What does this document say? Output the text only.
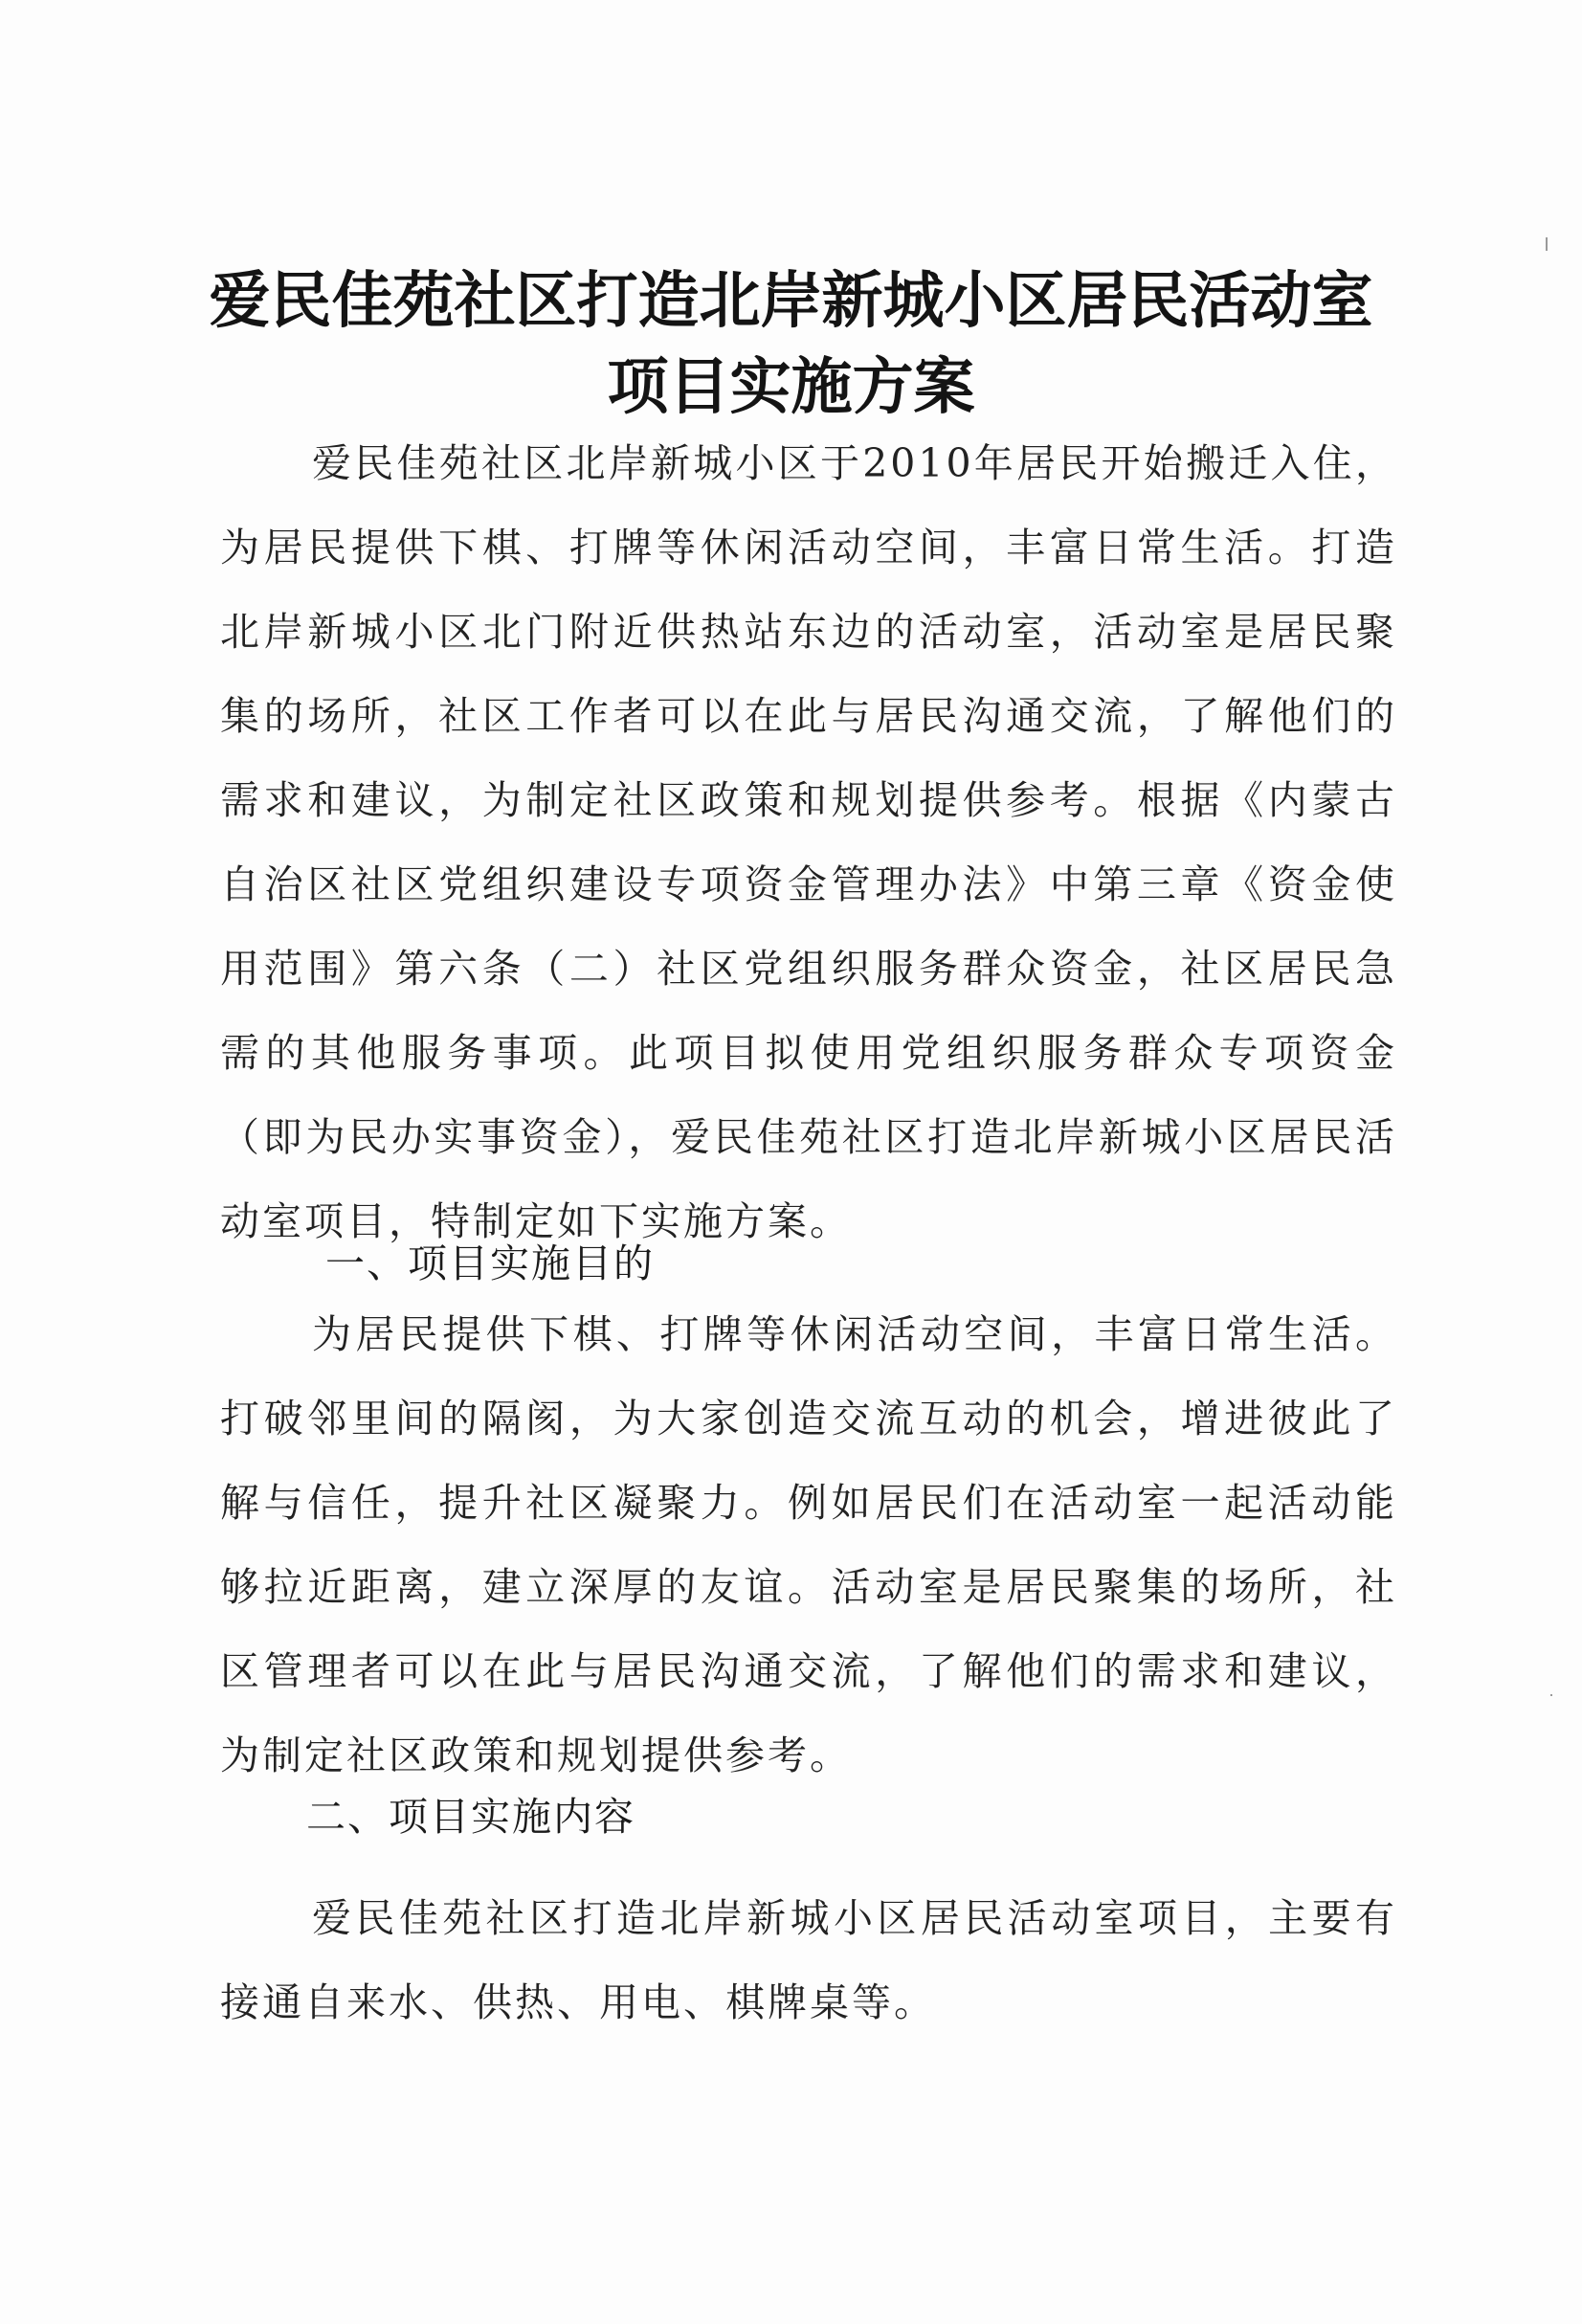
爱民佳苑社区打造北岸新城小区居民活动室
项目实施方案
爱民佳苑社区北岸新城小区于2010年居民开始搬迁入住，为居民提供下棋、打牌等休闲活动空间，丰富日常生活。打造北岸新城小区北门附近供热站东边的活动室，活动室是居民聚集的场所，社区工作者可以在此与居民沟通交流，了解他们的需求和建议，为制定社区政策和规划提供参考。根据《内蒙古自治区社区党组织建设专项资金管理办法》中第三章《资金使用范围》第六条（二）社区党组织服务群众资金，社区居民急需的其他服务事项。此项目拟使用党组织服务群众专项资金（即为民办实事资金），爱民佳苑社区打造北岸新城小区居民活动室项目，特制定如下实施方案。
一、项目实施目的
为居民提供下棋、打牌等休闲活动空间，丰富日常生活。打破邻里间的隔阂，为大家创造交流互动的机会，增进彼此了解与信任，提升社区凝聚力。例如居民们在活动室一起活动能够拉近距离，建立深厚的友谊。活动室是居民聚集的场所，社区管理者可以在此与居民沟通交流，了解他们的需求和建议，为制定社区政策和规划提供参考。
二、项目实施内容
爱民佳苑社区打造北岸新城小区居民活动室项目，主要有接通自来水、供热、用电、棋牌桌等。
